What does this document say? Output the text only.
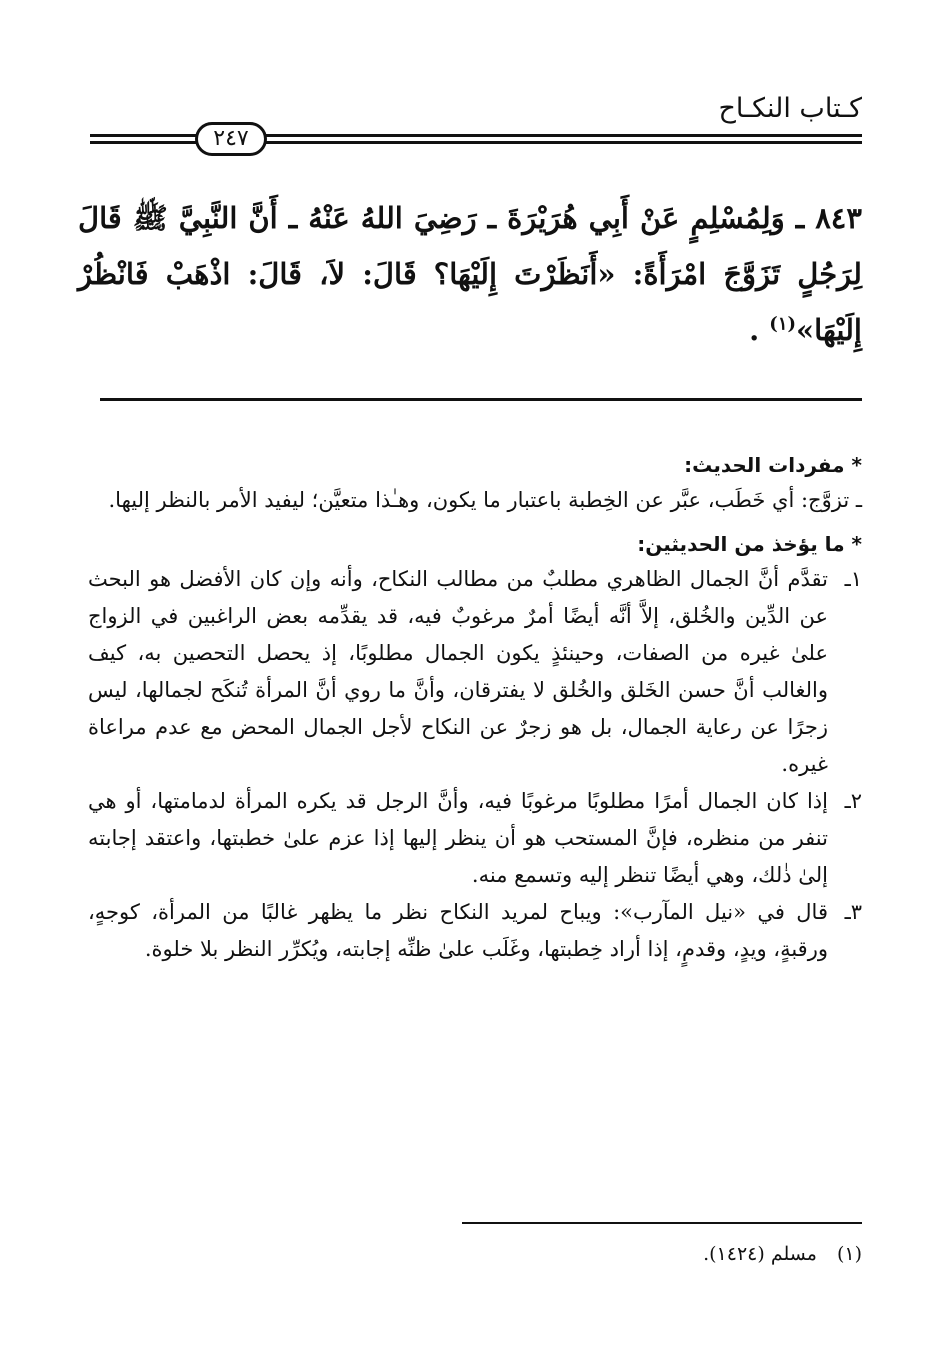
كـتاب النكـاح
٢٤٧
٨٤٣ ـ وَلِمُسْلِمٍ عَنْ أَبِي هُرَيْرَةَ ـ رَضِيَ اللهُ عَنْهُ ـ أَنَّ النَّبِيَّ ﷺ قَالَ لِرَجُلٍ تَزَوَّجَ امْرَأَةً: «أَنَظَرْتَ إِلَيْهَا؟ قَالَ: لاَ، قَالَ: اذْهَبْ فَانْظُرْ إِلَيْهَا»$^{(١)}$ .

* مفردات الحديث:

ـ تزوَّج: أي خَطَب، عبَّر عن الخِطبة باعتبار ما يكون، وهـٰذا متعيَّن؛ ليفيد الأمر بالنظر إليها.

* ما يؤخذ من الحديثين:

١ـ
تقدَّم أنَّ الجمال الظاهري مطلبٌ من مطالب النكاح، وأنه وإن كان الأفضل هو البحث عن الدِّين والخُلق، إلاَّ أنَّه أيضًا أمرٌ مرغوبٌ فيه، قد يقدِّمه بعض الراغبين في الزواج علىٰ غيره من الصفات، وحينئذٍ يكون الجمال مطلوبًا، إذ يحصل التحصين به، كيف والغالب أنَّ حسن الخَلق والخُلق لا يفترقان، وأنَّ ما روي أنَّ المرأة تُنكَح لجمالها، ليس زجرًا عن رعاية الجمال، بل هو زجرٌ عن النكاح لأجل الجمال المحض مع عدم مراعاة غيره.
٢ـ
إذا كان الجمال أمرًا مطلوبًا مرغوبًا فيه، وأنَّ الرجل قد يكره المرأة لدمامتها، أو هي تنفر من منظره، فإنَّ المستحب هو أن ينظر إليها إذا عزم علىٰ خطبتها، واعتقد إجابته إلىٰ ذٰلك، وهي أيضًا تنظر إليه وتسمع منه.
٣ـ
قال في «نيل المآرب»: ويباح لمريد النكاح نظر ما يظهر غالبًا من المرأة، كوجهٍ، ورقبةٍ، ويدٍ، وقدمٍ، إذا أراد خِطبتها، وغَلَب علىٰ ظنِّه إجابته، ويُكرِّر النظر بلا خلوة.
(١) مسلم (١٤٢٤).
